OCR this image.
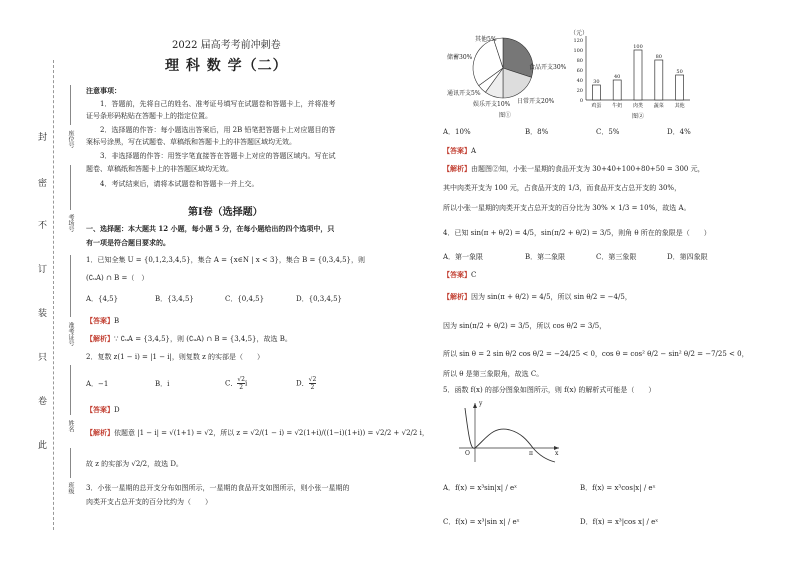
封
密
不
订
装
只
卷
此
座位号
考场号
准考证号
姓名
班级
2022 届高考考前冲刺卷
理 科 数 学（二）
注意事项：
1．答题前，先将自己的姓名、准考证号填写在试题卷和答题卡上，并将准考
证号条形码粘贴在答题卡上的指定位置。
2．选择题的作答：每小题选出答案后，用 2B 铅笔把答题卡上对应题目的答
案标号涂黑，写在试题卷、草稿纸和答题卡上的非答题区域均无效。
3．非选择题的作答：用签字笔直接答在答题卡上对应的答题区域内。写在试
题卷、草稿纸和答题卡上的非答题区域均无效。
4．考试结束后，请将本试题卷和答题卡一并上交。
第Ⅰ卷（选择题）
一、选择题：本大题共 12 小题，每小题 5 分，在每小题给出的四个选项中，只
有一项是符合题目要求的。
1．已知全集 U = {0,1,2,3,4,5}，集合 A = {x∈N | x < 3}，集合 B = {0,3,4,5}，则
(∁ᵤA) ∩ B =（　）
A．{4,5}	B．{3,4,5}	C．{0,4,5}	D．{0,3,4,5}
【答案】B
【解析】∵ ∁ᵤA = {3,4,5}，则 (∁ᵤA) ∩ B = {3,4,5}，故选 B。
2．复数 z(1 − i) = |1 − i|，则复数 z 的实部是（　　）
A．−1	B．i	C． $\frac{√2}{2}$ i	D． $\frac{√2}{2}$
【答案】D
【解析】依题意 |1 − i| = √(1+1) = √2，所以 z = √2/(1 − i) = √2(1+i)/((1−i)(1+i)) = √2/2 + √2/2 i，
故 z 的实部为 √2/2，故选 D。
3．小张一星期的总开支分布如图所示，一星期的食品开支如图所示，则小张一星期的
肉类开支占总开支的百分比约为（　　）
其他5%
储蓄30%
通讯开支5%
娱乐开支10% 日常开支20%
食品开支30%
图①
（元）
120
100
80
60
40
20
0
30
鸡蛋
40
牛奶
100
肉类
80
蔬菜
50
其他
图②
A．10%	B．8%	C．5%	D．4%
【答案】A
【解析】由题图②知，小张一星期的食品开支为 30+40+100+80+50 = 300 元，
其中肉类开支为 100 元，占食品开支的 1/3，而食品开支占总开支的 30%，
所以小张一星期的肉类开支占总开支的百分比为 30% × 1/3 = 10%，故选 A。
4．已知 sin(π + θ/2) = 4/5，sin(π/2 + θ/2) = 3/5，则角 θ 所在的象限是（　　）
A．第一象限	B．第二象限	C．第三象限	D．第四象限
【答案】C
【解析】因为 sin(π + θ/2) = 4/5，所以 sin θ/2 = −4/5，
因为 sin(π/2 + θ/2) = 3/5，所以 cos θ/2 = 3/5，
所以 sin θ = 2 sin θ/2 cos θ/2 = −24/25 < 0，cos θ = cos² θ/2 − sin² θ/2 = −7/25 < 0，
所以 θ 是第三象限角，故选 C。
5．函数 f(x) 的部分图象如图所示，则 f(x) 的解析式可能是（　　）
O	π	x
y
A．f(x) = x³sin|x| / eˣ	B．f(x) = x³cos|x| / eˣ
C．f(x) = x³|sin x| / eˣ	D．f(x) = x³|cos x| / eˣ
